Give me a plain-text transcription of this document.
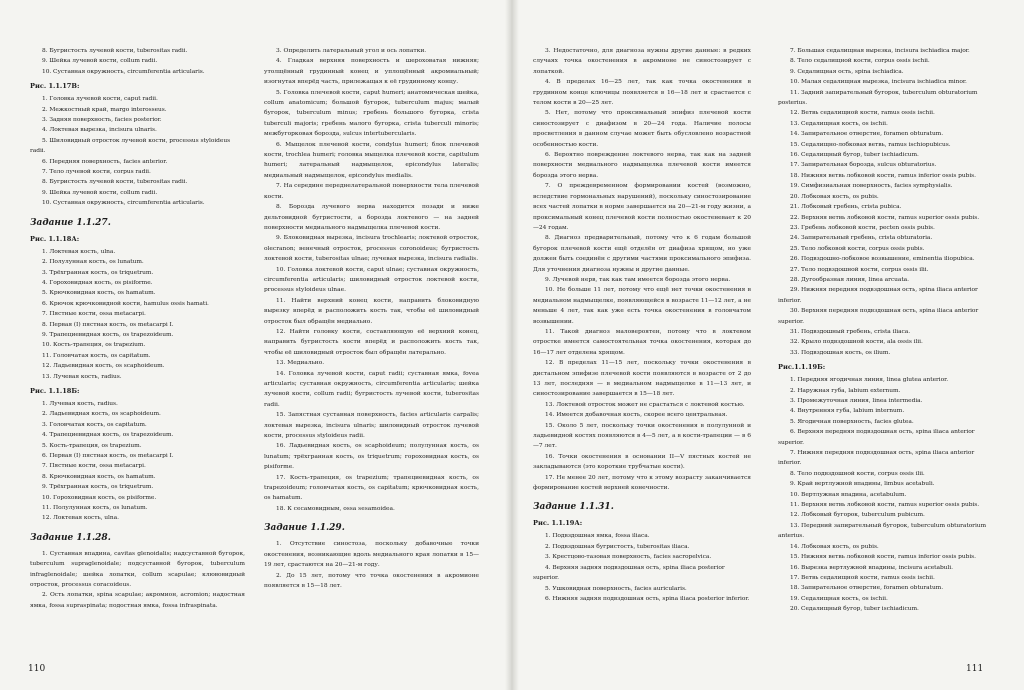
8. Бугристость лучевой кости, tuberositas radii.
9. Шейка лучевой кости, collum radii.
10. Суставная окружность, circumferentia articularis.
Рис. 1.1.17В:
1. Головка лучевой кости, caput radii.
2. Межкостный край, margo interosseus.
3. Задняя поверхность, facies posterior.
4. Локтевая вырезка, incisura ulnaris.
5. Шиловидный отросток лучевой кости, processus styloideus radii.
6. Передняя поверхность, facies anterior.
7. Тело лучевой кости, corpus radii.
8. Бугристость лучевой кости, tuberositas radii.
9. Шейка лучевой кости, collum radii.
10. Суставная окружность, circumferentia articularis.
Задание 1.1.27.
Рис. 1.1.18А:
1. Локтевая кость, ulna.
2. Полулунная кость, os lunatum.
3. Трёхгранная кость, os triquetrum.
4. Гороховидная кость, os pisiforme.
5. Крючковидная кость, os hamatum.
6. Крючок крючковидной кости, hamulus ossis hamati.
7. Пястные кости, ossa metacarpi.
8. Первая (I) пястная кость, os metacarpi I.
9. Трапециевидная кость, os trapezoideum.
10. Кость-трапеция, os trapezium.
11. Головчатая кость, os capitatum.
12. Ладьевидная кость, os scaphoideum.
13. Лучевая кость, radius.
Рис. 1.1.18Б:
1. Лучевая кость, radius.
2. Ладьевидная кость, os scaphoideum.
3. Головчатая кость, os capitatum.
4. Трапециевидная кость, os trapezoideum.
5. Кость-трапеция, os trapezium.
6. Первая (I) пястная кость, os metacarpi I.
7. Пястные кости, ossa metacarpi.
8. Крючковидная кость, os hamatum.
9. Трёхгранная кость, os triquetrum.
10. Гороховидная кость, os pisiforme.
11. Полулунная кость, os lunatum.
12. Локтевая кость, ulna.
Задание 1.1.28.
1. Суставная впадина, cavitas glenoidalis; надсуставной бугорок, tuberculum supraglenoidale; подсуставной бугорок, tuberculum infraglenoidale; шейка лопатки, collum scapulae; клювовидный отросток, processus coracoideus.
2. Ость лопатки, spina scapulae; акромион, acromion; надостная ямка, fossa supraspinata; подостная ямка, fossa infraspinata.
3. Определить латеральный угол и ось лопатки.
4. Гладкая верхняя поверхность и шероховатая нижняя; утолщённый грудинный конец и уплощённый акромиальный; изогнутая вперёд часть, прилежащая к её грудинному концу.
5. Головка плечевой кости, caput humeri; анатомическая шейка, collum anatomicum; большой бугорок, tuberculum majus; малый бугорок, tuberculum minus; гребень большого бугорка, crista tuberculi majoris; гребень малого бугорка, crista tuberculi minoris; межбугорковая борозда, sulcus intertubercularis.
6. Мыщелок плечевой кости, condylus humeri; блок плечевой кости, trochlea humeri; головка мыщелка плечевой кости, capitulum humeri; латеральный надмыщелок, epicondylus lateralis; медиальный надмыщелок, epicondylus medialis.
7. На середине переднелатеральной поверхности тела плечевой кости.
8. Борозда лучевого нерва находится позади и ниже дельтовидной бугристости, а борозда локтевого — на задней поверхности медиального надмыщелка плечевой кости.
9. Блоковидная вырезка, incisura trochlearis; локтевой отросток, olecranon; венечный отросток, processus coronoideus; бугристость локтевой кости, tuberositas ulnae; лучевая вырезка, incisura radialis.
10. Головка локтевой кости, caput ulnae; суставная окружность, circumferentia articularis; шиловидный отросток локтевой кости, processus styloideus ulnae.
11. Найти верхний конец кости, направить блоковидную вырезку вперёд и расположить кость так, чтобы её шиловидный отросток был обращён медиально.
12. Найти головку кости, составляющую её верхний конец, направить бугристость кости вперёд и расположить кость так, чтобы её шиловидный отросток был обращён латерально.
13. Медиально.
14. Головка лучевой кости, caput radii; суставная ямка, fovea articularis; суставная окружность, circumferentia articularis; шейка лучевой кости, collum radii; бугристость лучевой кости, tuberositas radii.
15. Запястная суставная поверхность, facies articularis carpalis; локтевая вырезка, incisura ulnaris; шиловидный отросток лучевой кости, processus styloideus radii.
16. Ладьевидная кость, os scaphoideum; полулунная кость, os lunatum; трёхгранная кость, os triquetrum; гороховидная кость, os pisiforme.
17. Кость-трапеция, os trapezium; трапециевидная кость, os trapezoideum; головчатая кость, os capitatum; крючковидная кость, os hamatum.
18. К сесамовидным, ossa sesamoidea.
Задание 1.1.29.
1. Отсутствие синостоза, поскольку добавочные точки окостенения, возникающие вдоль медиального края лопатки в 15—19 лет, срастаются на 20—21-м году.
2. До 15 лет, потому что точка окостенения в акромионе появляется в 15—18 лет.
3. Недостаточно, для диагноза нужны другие данные: в редких случаях точка окостенения в акромионе не синостозирует с лопаткой.
4. В пределах 16—25 лет, так как точка окостенения в грудинном конце ключицы появляется в 16—18 лет и срастается с телом кости в 20—25 лет.
5. Нет, потому что проксимальный эпифиз плечевой кости синостозирует с диафизом в 20—24 года. Наличие полосы просветления в данном случае может быть обусловлено возрастной особенностью кости.
6. Вероятно повреждение локтевого нерва, так как на задней поверхности медиального надмыщелка плечевой кости имеется борозда этого нерва.
7. О преждевременном формировании костей (возможно, вследствие гормональных нарушений), поскольку синостозирование всех частей лопатки в норме завершается на 20—21-м году жизни, а проксимальный конец плечевой кости полностью окостеневает к 20—24 годам.
8. Диагноз предварительный, потому что к 6 годам большой бугорок плечевой кости ещё отделён от диафиза хрящом, но уже должен быть соединён с другими частями проксимального эпифиза. Для уточнения диагноза нужны и другие данные.
9. Лучевой нерв, так как там имеется борозда этого нерва.
10. Не больше 11 лет, потому что ещё нет точки окостенения в медиальном надмыщелке, появляющейся в возрасте 11—12 лет, а не меньше 4 лет, так как уже есть точка окостенения в головчатом возвышении.
11. Такой диагноз маловероятен, потому что в локтевом отростке имеется самостоятельная точка окостенения, которая до 16—17 лет отделена хрящом.
12. В пределах 11—15 лет, поскольку точки окостенения в дистальном эпифизе плечевой кости появляются в возрасте от 2 до 13 лет, последняя — в медиальном надмыщелке в 11—13 лет, и синостозирование завершается в 15—18 лет.
13. Локтевой отросток может не срастаться с локтевой костью.
14. Имеется добавочная кость, скорее всего центральная.
15. Около 5 лет, поскольку точки окостенения в полулунной и ладьевидной костях появляются в 4—5 лет, а в кости-трапеции — в 6—7 лет.
16. Точки окостенения в основании II—V пястных костей не закладываются (это короткие трубчатые кости).
17. Не менее 20 лет, потому что к этому возрасту заканчивается формирование костей верхней конечности.
Задание 1.1.31.
Рис. 1.1.19А:
1. Подвздошная ямка, fossa iliaca.
2. Подвздошная бугристость, tuberositas iliaca.
3. Крестцово-тазовая поверхность, facies sacropelvica.
4. Верхняя задняя подвздошная ость, spina iliaca posterior superior.
5. Ушковидная поверхность, facies auricularis.
6. Нижняя задняя подвздошная ость, spina iliaca posterior inferior.
7. Большая седалищная вырезка, incisura ischiadica major.
8. Тело седалищной кости, corpus ossis ischii.
9. Седалищная ость, spina ischiadica.
10. Малая седалищная вырезка, incisura ischiadica minor.
11. Задний запирательный бугорок, tuberculum obturatorium posterius.
12. Ветвь седалищной кости, ramus ossis ischii.
13. Седалищная кость, os ischii.
14. Запирательное отверстие, foramen obturatum.
15. Седалищно-лобковая ветвь, ramus ischiopubicus.
16. Седалищный бугор, tuber ischiadicum.
17. Запирательная борозда, sulcus obturatorius.
18. Нижняя ветвь лобковой кости, ramus inferior ossis pubis.
19. Симфизиальная поверхность, facies symphysialis.
20. Лобковая кость, os pubis.
21. Лобковый гребень, crista pubica.
22. Верхняя ветвь лобковой кости, ramus superior ossis pubis.
23. Гребень лобковой кости, pecten ossis pubis.
24. Запирательный гребень, crista obturatoria.
25. Тело лобковой кости, corpus ossis pubis.
26. Подвздошно-лобковое возвышение, eminentia iliopubica.
27. Тело подвздошной кости, corpus ossis ilii.
28. Дугообразная линия, linea arcuata.
29. Нижняя передняя подвздошная ость, spina iliaca anterior inferior.
30. Верхняя передняя подвздошная ость, spina iliaca anterior superior.
31. Подвздошный гребень, crista iliaca.
32. Крыло подвздошной кости, ala ossis ilii.
33. Подвздошная кость, os ilium.
Рис.1.1.19Б:
1. Передняя ягодичная линия, linea glutea anterior.
2. Наружная губа, labium externum.
3. Промежуточная линия, linea intermedia.
4. Внутренняя губа, labium internum.
5. Ягодичная поверхность, facies glutea.
6. Верхняя передняя подвздошная ость, spina iliaca anterior superior.
7. Нижняя передняя подвздошная ость, spina iliaca anterior inferior.
8. Тело подвздошной кости, corpus ossis ilii.
9. Край вертлужной впадины, limbus acetabuli.
10. Вертлужная впадина, acetabulum.
11. Верхняя ветвь лобковой кости, ramus superior ossis pubis.
12. Лобковый бугорок, tuberculum pubicum.
13. Передний запирательный бугорок, tuberculum obturatorium anterius.
14. Лобковая кость, os pubis.
15. Нижняя ветвь лобковой кости, ramus inferior ossis pubis.
16. Вырезка вертлужной впадины, incisura acetabuli.
17. Ветвь седалищной кости, ramus ossis ischii.
18. Запирательное отверстие, foramen obturatum.
19. Седалищная кость, os ischii.
20. Седалищный бугор, tuber ischiadicum.
110	111
